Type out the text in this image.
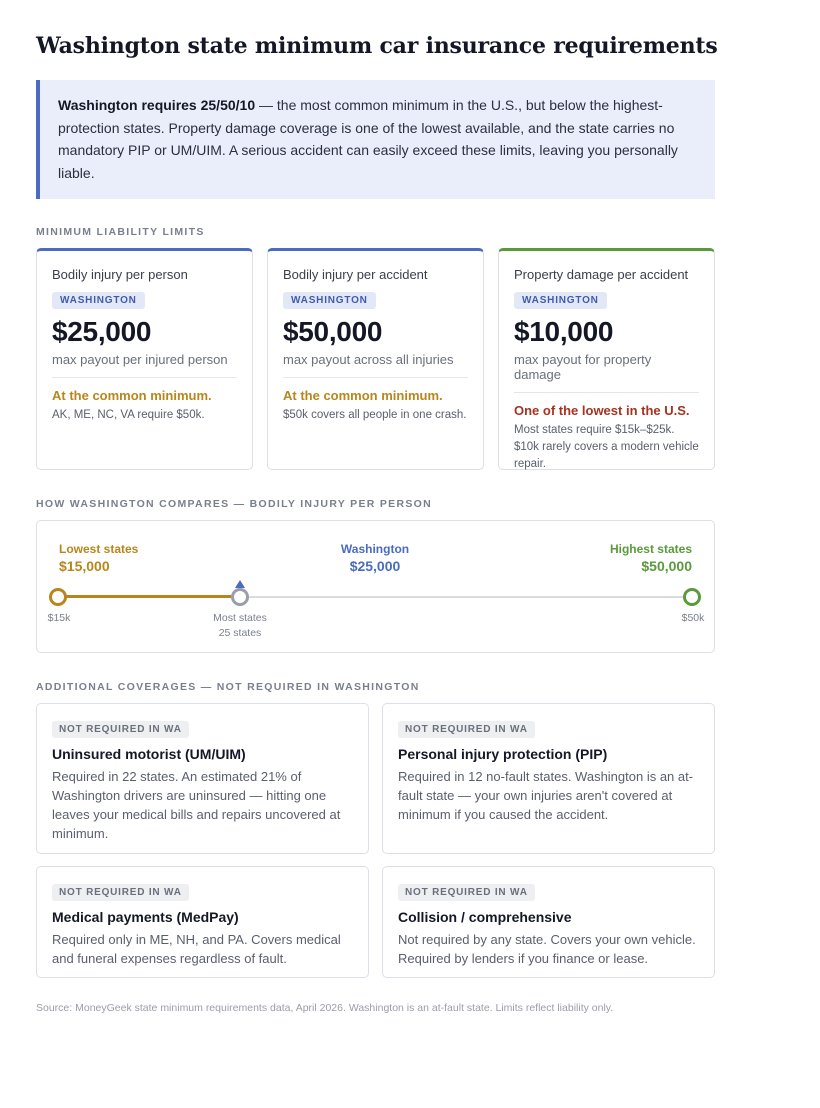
Washington state minimum car insurance requirements
Washington requires 25/50/10 — the most common minimum in the U.S., but below the highest-protection states. Property damage coverage is one of the lowest available, and the state carries no mandatory PIP or UM/UIM. A serious accident can easily exceed these limits, leaving you personally liable.
MINIMUM LIABILITY LIMITS
Bodily injury per person
WASHINGTON
$25,000
max payout per injured person
At the common minimum.
AK, ME, NC, VA require $50k.
Bodily injury per accident
WASHINGTON
$50,000
max payout across all injuries
At the common minimum.
$50k covers all people in one crash.
Property damage per accident
WASHINGTON
$10,000
max payout for property damage
One of the lowest in the U.S.
Most states require $15k–$25k. $10k rarely covers a modern vehicle repair.
HOW WASHINGTON COMPARES — BODILY INJURY PER PERSON
Lowest states
$15,000
Washington
$25,000
Highest states
$50,000
$15k	Most states
25 states
$50k
ADDITIONAL COVERAGES — NOT REQUIRED IN WASHINGTON
NOT REQUIRED IN WA
Uninsured motorist (UM/UIM)
Required in 22 states. An estimated 21% of Washington drivers are uninsured — hitting one leaves your medical bills and repairs uncovered at minimum.
NOT REQUIRED IN WA
Personal injury protection (PIP)
Required in 12 no-fault states. Washington is an at-fault state — your own injuries aren't covered at minimum if you caused the accident.
NOT REQUIRED IN WA
Medical payments (MedPay)
Required only in ME, NH, and PA. Covers medical and funeral expenses regardless of fault.
NOT REQUIRED IN WA
Collision / comprehensive
Not required by any state. Covers your own vehicle. Required by lenders if you finance or lease.
Source: MoneyGeek state minimum requirements data, April 2026. Washington is an at-fault state. Limits reflect liability only.
